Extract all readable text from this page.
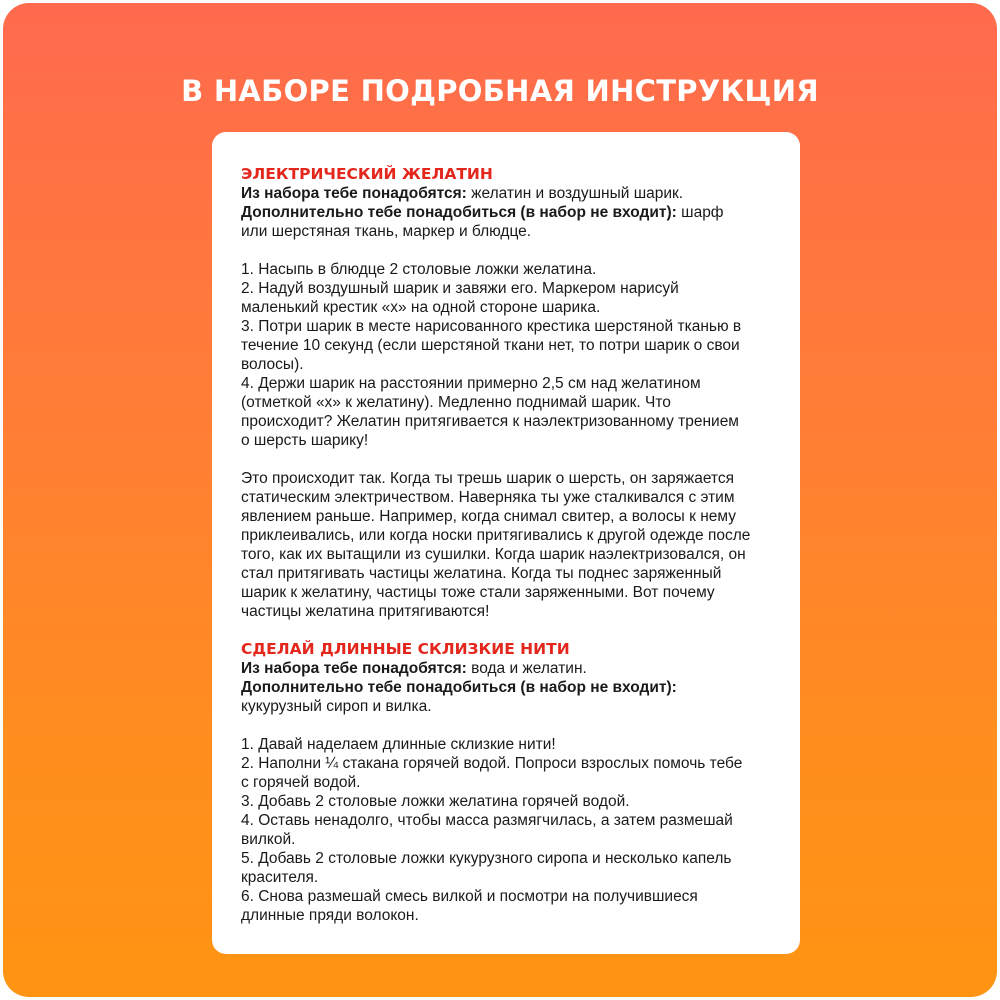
В НАБОРЕ ПОДРОБНАЯ ИНСТРУКЦИЯ
ЭЛЕКТРИЧЕСКИЙ ЖЕЛАТИН
Из набора тебе понадобятся: желатин и воздушный шарик.
Дополнительно тебе понадобиться (в набор не входит): шарф
или шерстяная ткань, маркер и блюдце.
1. Насыпь в блюдце 2 столовые ложки желатина.
2. Надуй воздушный шарик и завяжи его. Маркером нарисуй
маленький крестик «х» на одной стороне шарика.
3. Потри шарик в месте нарисованного крестика шерстяной тканью в
течение 10 секунд (если шерстяной ткани нет, то потри шарик о свои
волосы).
4. Держи шарик на расстоянии примерно 2,5 см над желатином
(отметкой «х» к желатину). Медленно поднимай шарик. Что
происходит? Желатин притягивается к наэлектризованному трением
о шерсть шарику!
Это происходит так. Когда ты трешь шарик о шерсть, он заряжается
статическим электричеством. Наверняка ты уже сталкивался с этим
явлением раньше. Например, когда снимал свитер, а волосы к нему
приклеивались, или когда носки притягивались к другой одежде после
того, как их вытащили из сушилки. Когда шарик наэлектризовался, он
стал притягивать частицы желатина. Когда ты поднес заряженный
шарик к желатину, частицы тоже стали заряженными. Вот почему
частицы желатина притягиваются!
СДЕЛАЙ ДЛИННЫЕ СКЛИЗКИЕ НИТИ
Из набора тебе понадобятся: вода и желатин.
Дополнительно тебе понадобиться (в набор не входит):
кукурузный сироп и вилка.
1. Давай наделаем длинные склизкие нити!
2. Наполни ¼ стакана горячей водой. Попроси взрослых помочь тебе
с горячей водой.
3. Добавь 2 столовые ложки желатина горячей водой.
4. Оставь ненадолго, чтобы масса размягчилась, а затем размешай
вилкой.
5. Добавь 2 столовые ложки кукурузного сиропа и несколько капель
красителя.
6. Снова размешай смесь вилкой и посмотри на получившиеся
длинные пряди волокон.
